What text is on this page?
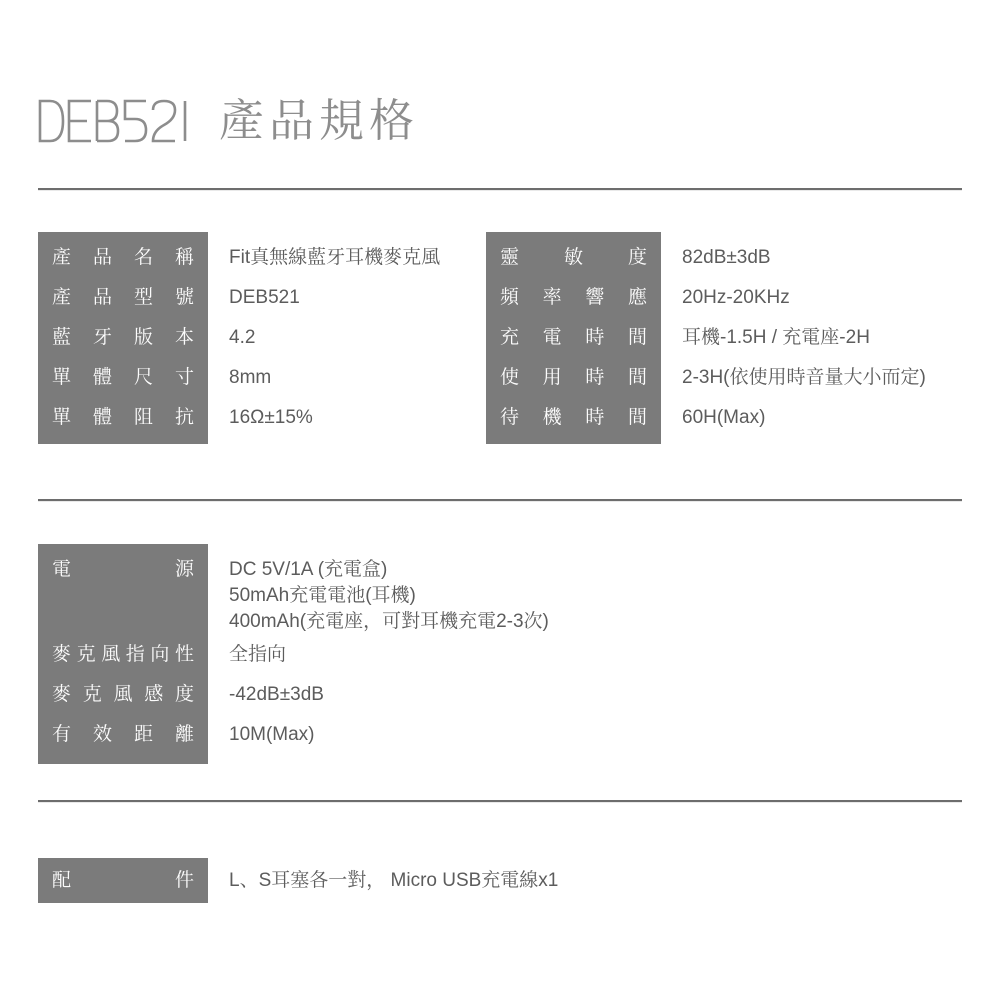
產品規格
產品名稱
產品型號
藍牙版本
單體尺寸
單體阻抗
Fit真無線藍牙耳機麥克風
DEB521
4.2
8mm
16Ω±15%
靈敏度
頻率響應
充電時間
使用時間
待機時間
82dB±3dB
20Hz-20KHz
耳機-1.5H / 充電座-2H
2-3H(依使用時音量大小而定)
60H(Max)
電源
麥克風指向性
麥克風感度
有效距離
DC 5V/1A (充電盒)
50mAh充電電池(耳機)
400mAh(充電座，可對耳機充電2-3次)
全指向
-42dB±3dB
10M(Max)
配件 L、S耳塞各一對， Micro USB充電線x1
